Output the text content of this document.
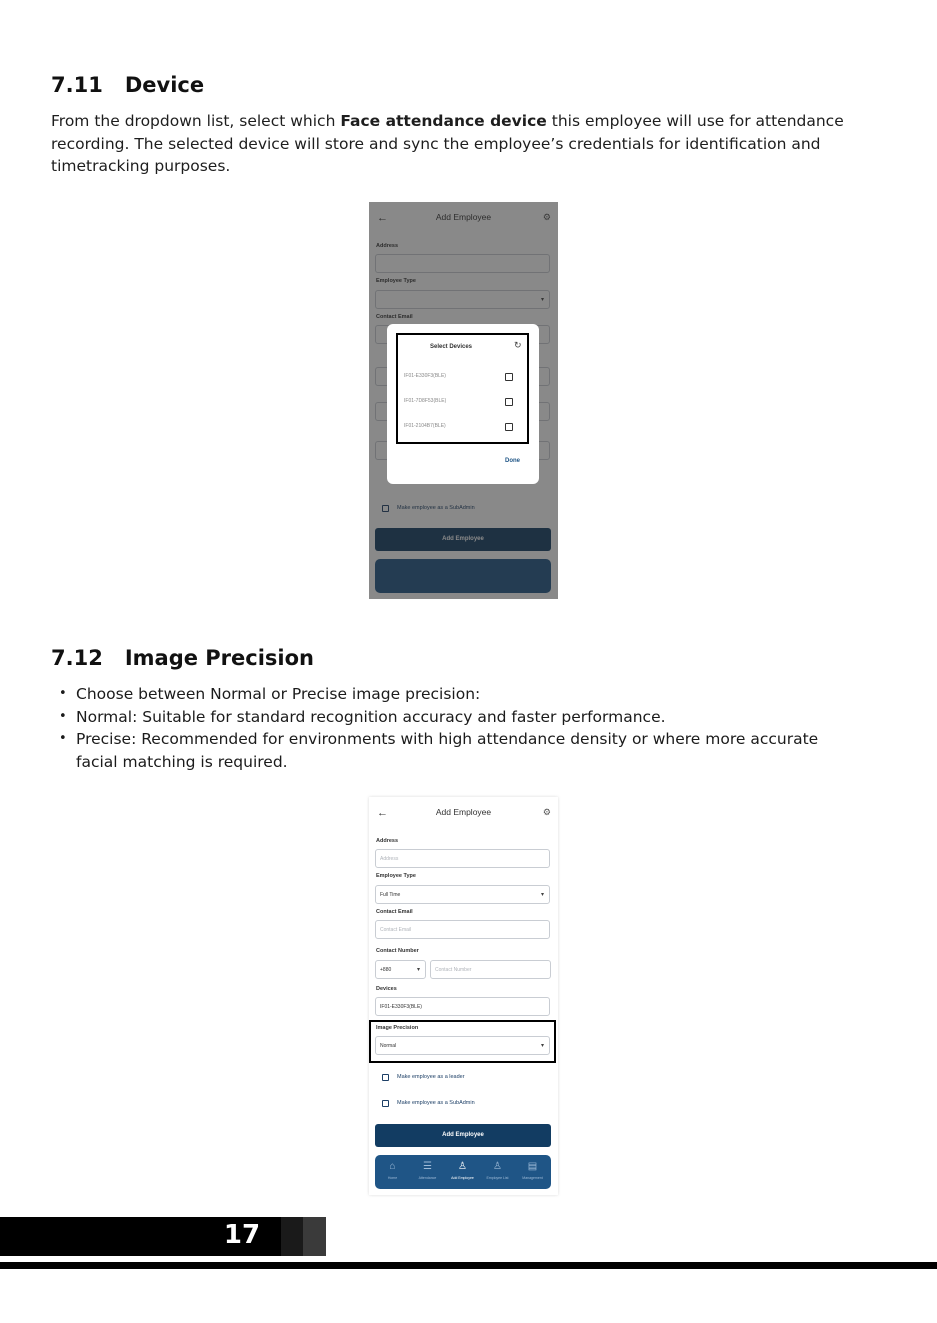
7.11 Device

From the dropdown list, select which Face attendance device this employee will use for attendance recording. The selected device will store and sync the employee’s credentials for identification and timetracking purposes.

Select Devices	↻
IF01-E330F3(BLE)
IF01-7D8F53(BLE)
IF01-2104B7(BLE)
Done
7.12 Image Precision
• Choose between Normal or Precise image precision:
• Normal: Suitable for standard recognition accuracy and faster performance.
• Precise: Recommended for environments with high attendance density or where more accurate facial matching is required.
←	Add Employee	⚙
Address
Address
Employee Type
Full Time	▾
Contact Email
Contact Email
Contact Number
+880	▾	Contact Number
Devices
IF01-E330F3(BLE)
Image Precision
Normal	▾
Make employee as a leader
Make employee as a SubAdmin
Add Employee
⌂
Home
☰
Attendance
♙
Add Employee
♙
Employee List
▤
Management
17
